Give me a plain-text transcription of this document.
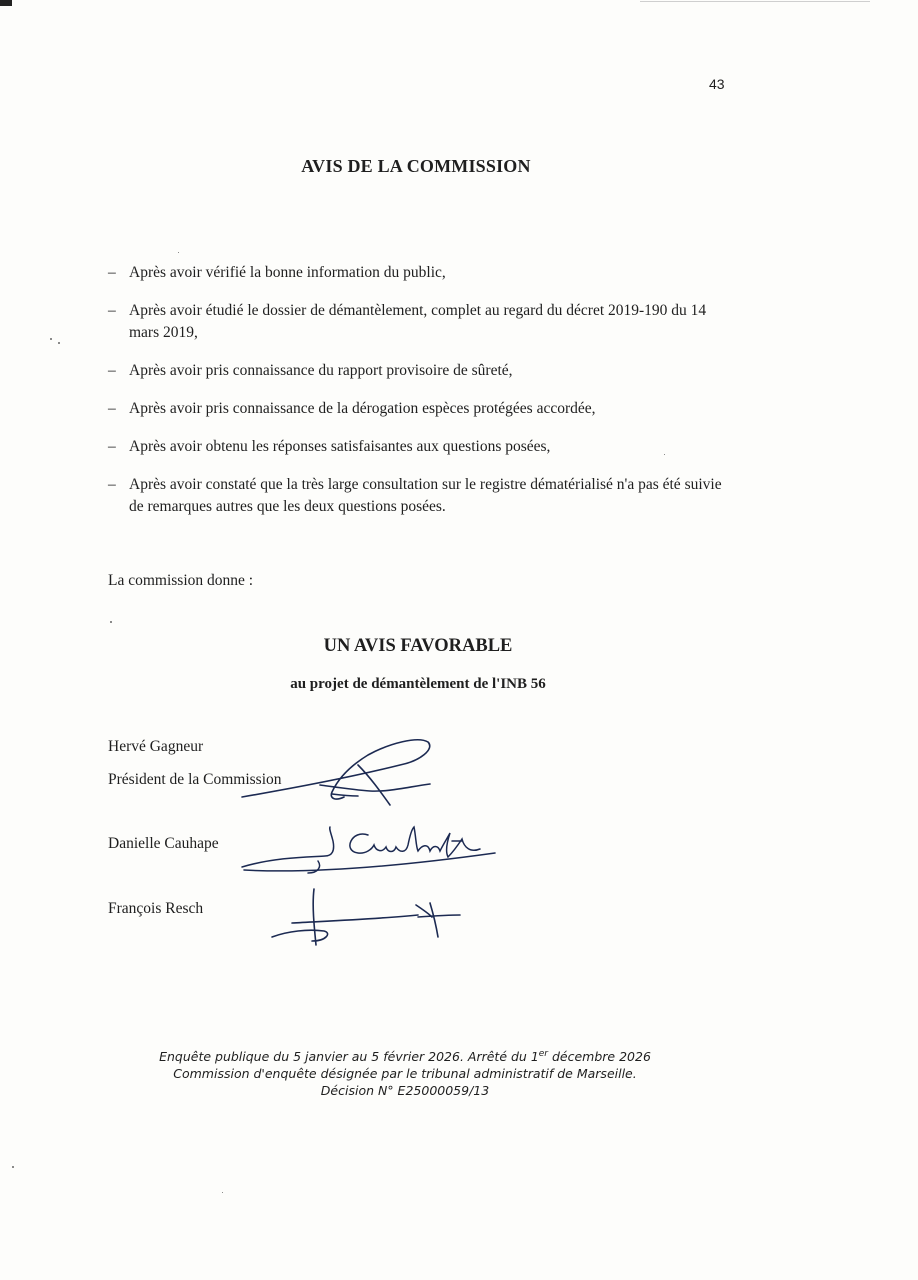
43
AVIS DE LA COMMISSION
– Après avoir vérifié la bonne information du public,
– Après avoir étudié le dossier de démantèlement, complet au regard du décret 2019-190 du 14 mars 2019,
– Après avoir pris connaissance du rapport provisoire de sûreté,
– Après avoir pris connaissance de la dérogation espèces protégées accordée,
– Après avoir obtenu les réponses satisfaisantes aux questions posées,
– Après avoir constaté que la très large consultation sur le registre dématérialisé n'a pas été suivie de remarques autres que les deux questions posées.
La commission donne :
UN AVIS FAVORABLE
au projet de démantèlement de l'INB 56
Hervé Gagneur
Président de la Commission
Danielle Cauhape
François Resch
Enquête publique du 5 janvier au 5 février 2026. Arrêté du 1er décembre 2026
Commission d'enquête désignée par le tribunal administratif de Marseille.
Décision N° E25000059/13
